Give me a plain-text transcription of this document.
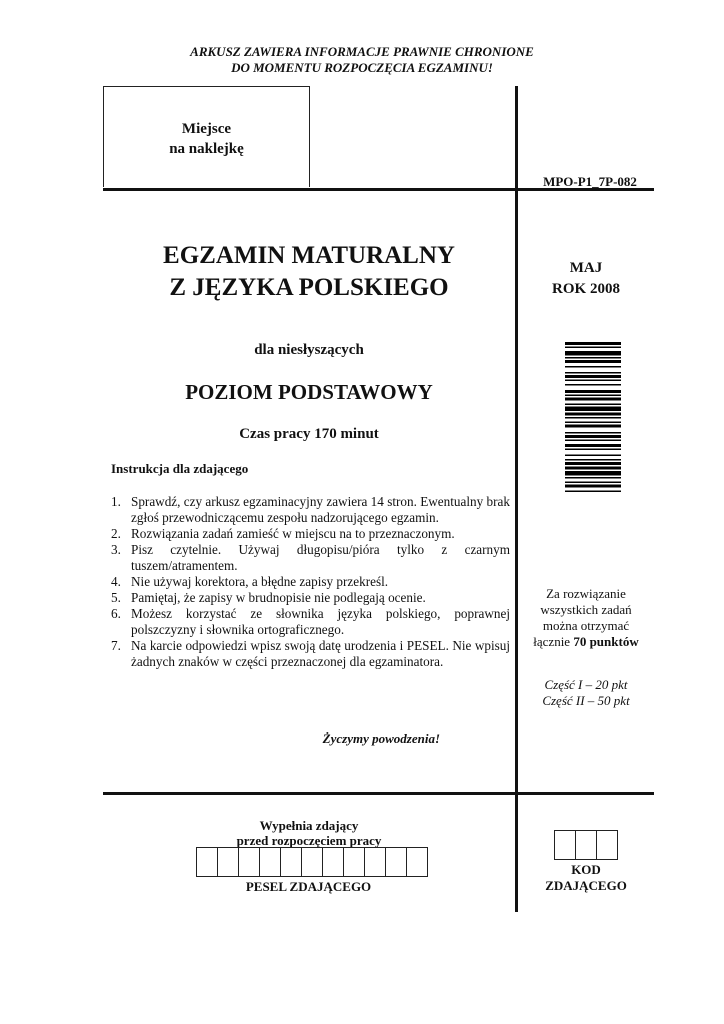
ARKUSZ ZAWIERA INFORMACJE PRAWNIE CHRONIONE
DO MOMENTU ROZPOCZĘCIA EGZAMINU!
Miejsce
na naklejkę
MPO-P1_7P-082
EGZAMIN MATURALNY
Z JĘZYKA POLSKIEGO
MAJ
ROK 2008
dla niesłyszących
POZIOM PODSTAWOWY
Czas pracy 170 minut
Instrukcja dla zdającego
1. Sprawdź, czy arkusz egzaminacyjny zawiera 14 stron. Ewentualny brak zgłoś przewodniczącemu zespołu nadzorującego egzamin.
2. Rozwiązania zadań zamieść w miejscu na to przeznaczonym.
3. Pisz czytelnie. Używaj długopisu/pióra tylko z czarnym tuszem/atramentem.
4. Nie używaj korektora, a błędne zapisy przekreśl.
5. Pamiętaj, że zapisy w brudnopisie nie podlegają ocenie.
6. Możesz korzystać ze słownika języka polskiego, poprawnej polszczyzny i słownika ortograficznego.
7. Na karcie odpowiedzi wpisz swoją datę urodzenia i PESEL. Nie wpisuj żadnych znaków w części przeznaczonej dla egzaminatora.
Życzymy powodzenia!
Za rozwiązanie
wszystkich zadań
można otrzymać
łącznie 70 punktów
Część I – 20 pkt
Część II – 50 pkt
Wypełnia zdający
przed rozpoczęciem pracy
PESEL ZDAJĄCEGO
KOD
ZDAJĄCEGO
